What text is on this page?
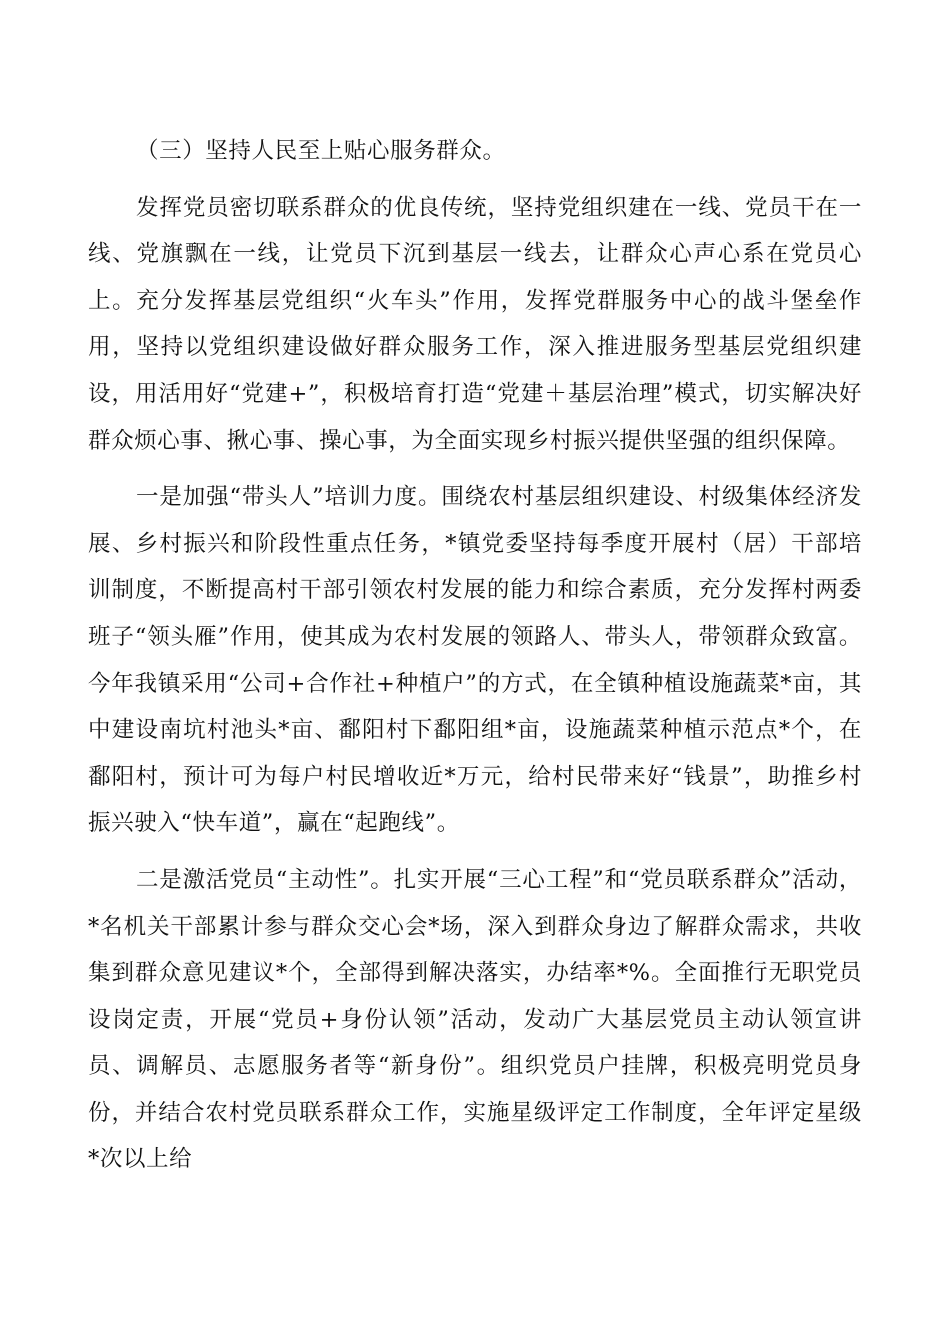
（三）坚持人民至上贴心服务群众。

发挥党员密切联系群众的优良传统，坚持党组织建在一线、党员干在一线、党旗飘在一线，让党员下沉到基层一线去，让群众心声心系在党员心上。充分发挥基层党组织“火车头”作用，发挥党群服务中心的战斗堡垒作用，坚持以党组织建设做好群众服务工作，深入推进服务型基层党组织建设，用活用好“党建+”，积极培育打造“党建＋基层治理”模式，切实解决好群众烦心事、揪心事、操心事，为全面实现乡村振兴提供坚强的组织保障。

一是加强“带头人”培训力度。围绕农村基层组织建设、村级集体经济发展、乡村振兴和阶段性重点任务，*镇党委坚持每季度开展村（居）干部培训制度，不断提高村干部引领农村发展的能力和综合素质，充分发挥村两委班子“领头雁”作用，使其成为农村发展的领路人、带头人，带领群众致富。今年我镇采用“公司+合作社+种植户”的方式，在全镇种植设施蔬菜*亩，其中建设南坑村池头*亩、鄱阳村下鄱阳组*亩，设施蔬菜种植示范点*个，在鄱阳村，预计可为每户村民增收近*万元，给村民带来好“钱景”，助推乡村振兴驶入“快车道”，赢在“起跑线”。

二是激活党员“主动性”。扎实开展“三心工程”和“党员联系群众”活动，*名机关干部累计参与群众交心会*场，深入到群众身边了解群众需求，共收集到群众意见建议*个，全部得到解决落实，办结率*%。全面推行无职党员设岗定责，开展“党员+身份认领”活动，发动广大基层党员主动认领宣讲员、调解员、志愿服务者等“新身份”。组织党员户挂牌，积极亮明党员身份，并结合农村党员联系群众工作，实施星级评定工作制度，全年评定星级*次以上给
